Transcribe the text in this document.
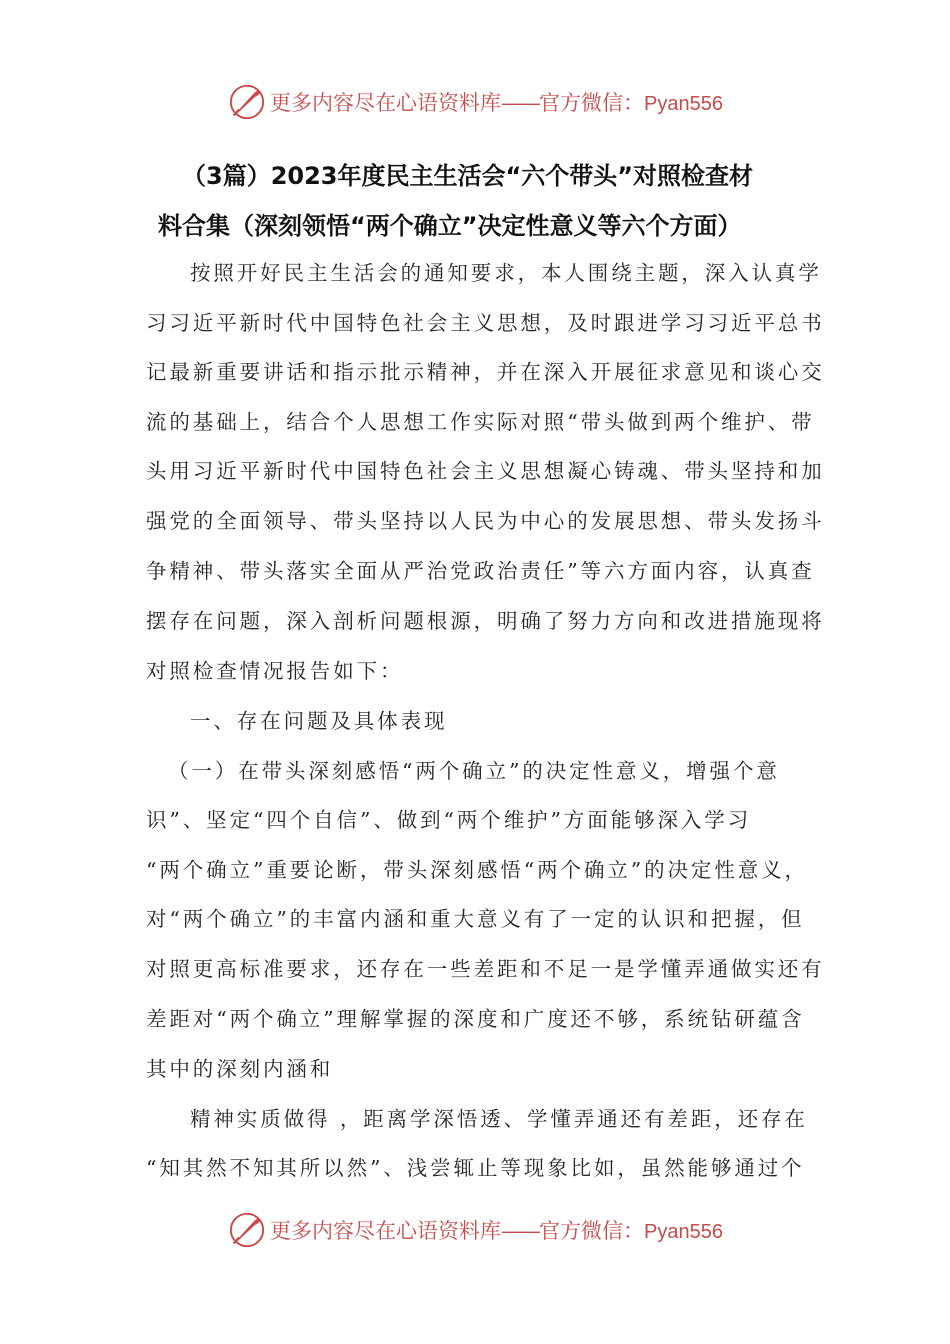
更多内容尽在心语资料库——官方微信：Pyan556
（3篇）2023年度民主生活会“六个带头”对照检查材
料合集（深刻领悟“两个确立”决定性意义等六个方面）
按照开好民主生活会的通知要求，本人围绕主题，深入认真学
习习近平新时代中国特色社会主义思想，及时跟进学习习近平总书
记最新重要讲话和指示批示精神，并在深入开展征求意见和谈心交
流的基础上，结合个人思想工作实际对照“带头做到两个维护、带
头用习近平新时代中国特色社会主义思想凝心铸魂、带头坚持和加
强党的全面领导、带头坚持以人民为中心的发展思想、带头发扬斗
争精神、带头落实全面从严治党政治责任”等六方面内容，认真查
摆存在问题，深入剖析问题根源，明确了努力方向和改进措施现将
对照检查情况报告如下：
一、存在问题及具体表现
（一）在带头深刻感悟“两个确立”的决定性意义，增强个意
识”、坚定“四个自信”、做到“两个维护”方面能够深入学习
“两个确立”重要论断，带头深刻感悟“两个确立”的决定性意义，
对“两个确立”的丰富内涵和重大意义有了一定的认识和把握，但
对照更高标准要求，还存在一些差距和不足一是学懂弄通做实还有
差距对“两个确立”理解掌握的深度和广度还不够，系统钻研蕴含
其中的深刻内涵和
精神实质做得 ，距离学深悟透、学懂弄通还有差距，还存在
“知其然不知其所以然”、浅尝辄止等现象比如，虽然能够通过个
更多内容尽在心语资料库——官方微信：Pyan556
